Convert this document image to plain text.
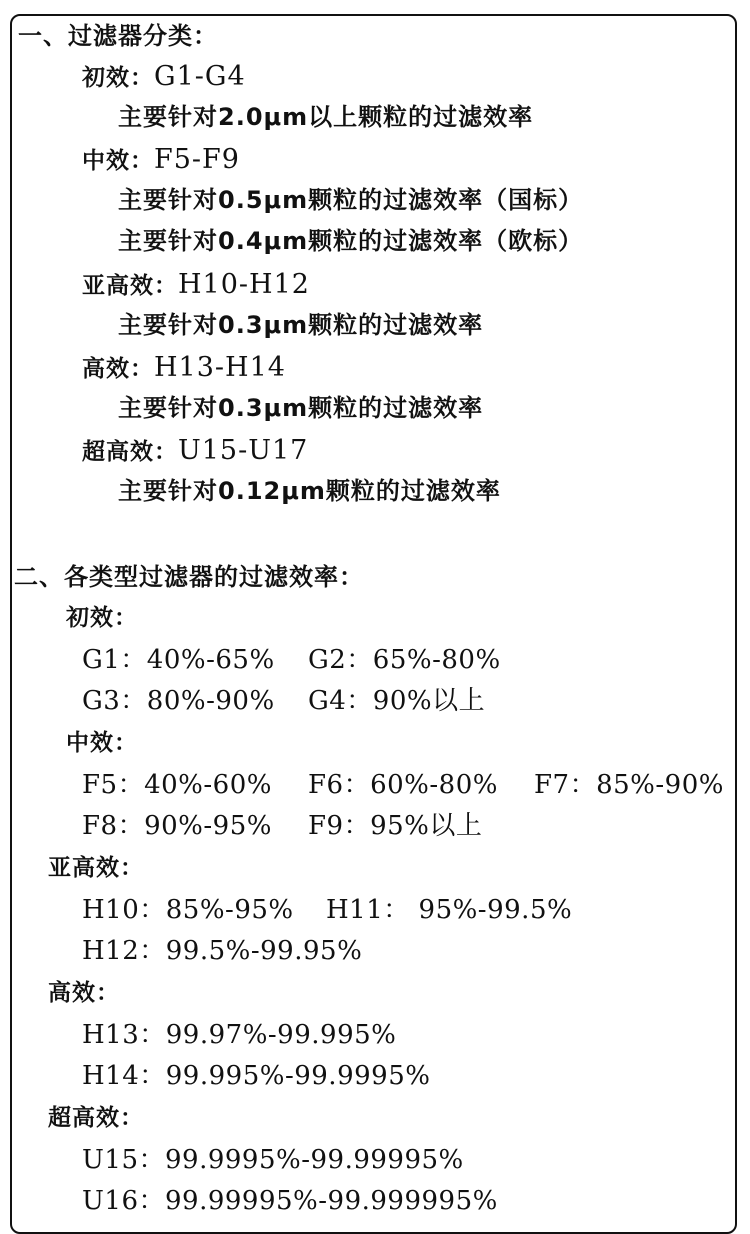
一、过滤器分类：
初效：G1-G4
主要针对2.0μm以上颗粒的过滤效率
中效：F5-F9
主要针对0.5μm颗粒的过滤效率（国标）
主要针对0.4μm颗粒的过滤效率（欧标）
亚高效：H10-H12
主要针对0.3μm颗粒的过滤效率
高效：H13-H14
主要针对0.3μm颗粒的过滤效率
超高效：U15-U17
主要针对0.12μm颗粒的过滤效率
二、各类型过滤器的过滤效率：
初效：
G1：40%-65% G2：65%-80%
G3：80%-90% G4：90%以上
中效：
F5：40%-60% F6：60%-80% F7：85%-90%
F8：90%-95% F9：95%以上
亚高效：
H10：85%-95% H11： 95%-99.5%
H12：99.5%-99.95%
高效：
H13：99.97%-99.995%
H14：99.995%-99.9995%
超高效：
U15：99.9995%-99.99995%
U16：99.99995%-99.999995%
